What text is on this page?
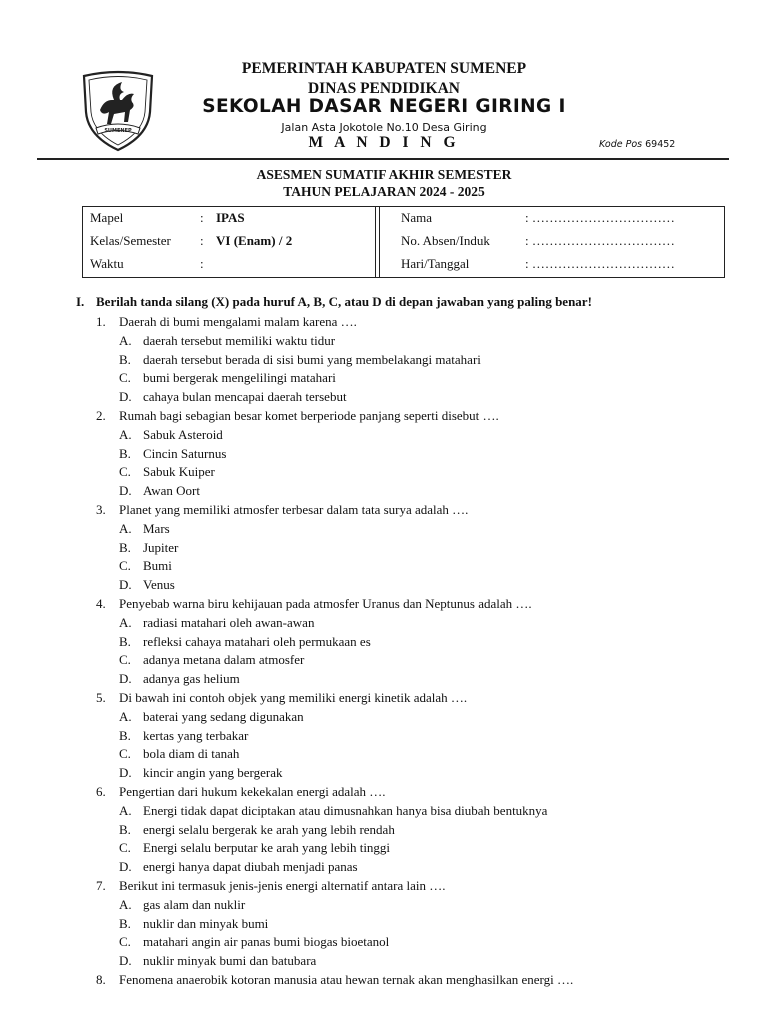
SUMENEP
PEMERINTAH KABUPATEN SUMENEP
DINAS PENDIDIKAN
SEKOLAH DASAR NEGERI GIRING I
Jalan Asta Jokotole No.10 Desa Giring
M A N D I N G	Kode Pos 69452
ASESMEN SUMATIF AKHIR SEMESTER
TAHUN PELAJARAN 2024 - 2025
Mapel	: IPAS
Kelas/Semester : VI (Enam) / 2
Waktu	:
Nama	: ……………………………
No. Absen/Induk	: ……………………………
Hari/Tanggal	: ……………………………
I. Berilah tanda silang (X) pada huruf A, B, C, atau D di depan jawaban yang paling benar!
1. Daerah di bumi mengalami malam karena ….
A. daerah tersebut memiliki waktu tidur
B. daerah tersebut berada di sisi bumi yang membelakangi matahari
C. bumi bergerak mengelilingi matahari
D. cahaya bulan mencapai daerah tersebut
2. Rumah bagi sebagian besar komet berperiode panjang seperti disebut ….
A. Sabuk Asteroid
B. Cincin Saturnus
C. Sabuk Kuiper
D. Awan Oort
3. Planet yang memiliki atmosfer terbesar dalam tata surya adalah ….
A. Mars
B. Jupiter
C. Bumi
D. Venus
4. Penyebab warna biru kehijauan pada atmosfer Uranus dan Neptunus adalah ….
A. radiasi matahari oleh awan-awan
B. refleksi cahaya matahari oleh permukaan es
C. adanya metana dalam atmosfer
D. adanya gas helium
5. Di bawah ini contoh objek yang memiliki energi kinetik adalah ….
A. baterai yang sedang digunakan
B. kertas yang terbakar
C. bola diam di tanah
D. kincir angin yang bergerak
6. Pengertian dari hukum kekekalan energi adalah ….
A. Energi tidak dapat diciptakan atau dimusnahkan hanya bisa diubah bentuknya
B. energi selalu bergerak ke arah yang lebih rendah
C. Energi selalu berputar ke arah yang lebih tinggi
D. energi hanya dapat diubah menjadi panas
7. Berikut ini termasuk jenis-jenis energi alternatif antara lain ….
A. gas alam dan nuklir
B. nuklir dan minyak bumi
C. matahari angin air panas bumi biogas bioetanol
D. nuklir minyak bumi dan batubara
8. Fenomena anaerobik kotoran manusia atau hewan ternak akan menghasilkan energi ….
